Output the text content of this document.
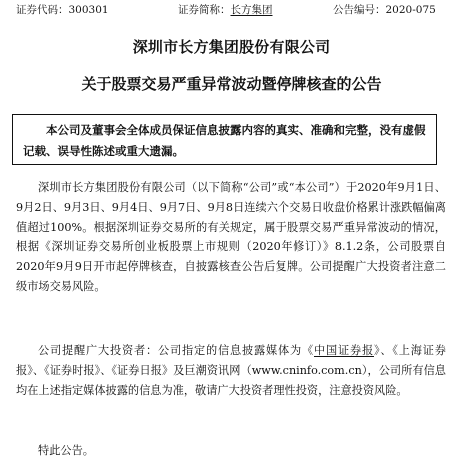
证券代码：300301	证券简称：长方集团	公告编号：2020-075
深圳市长方集团股份有限公司
关于股票交易严重异常波动暨停牌核查的公告
本公司及董事会全体成员保证信息披露内容的真实、准确和完整，没有虚假记载、误导性陈述或重大遗漏。
深圳市长方集团股份有限公司（以下简称“公司”或“本公司”）于2020年9月1日、9月2日、9月3日、9月4日、9月7日、9月8日连续六个交易日收盘价格累计涨跌幅偏离值超过100%。根据深圳证券交易所的有关规定，属于股票交易严重异常波动的情况，根据《深圳证券交易所创业板股票上市规则（2020年修订）》8.1.2条，公司股票自2020年9月9日开市起停牌核查，自披露核查公告后复牌。公司提醒广大投资者注意二级市场交易风险。
公司提醒广大投资者：公司指定的信息披露媒体为《中国证券报》、《上海证券报》、《证券时报》、《证券日报》及巨潮资讯网（www.cninfo.com.cn），公司所有信息均在上述指定媒体披露的信息为准，敬请广大投资者理性投资，注意投资风险。
特此公告。
